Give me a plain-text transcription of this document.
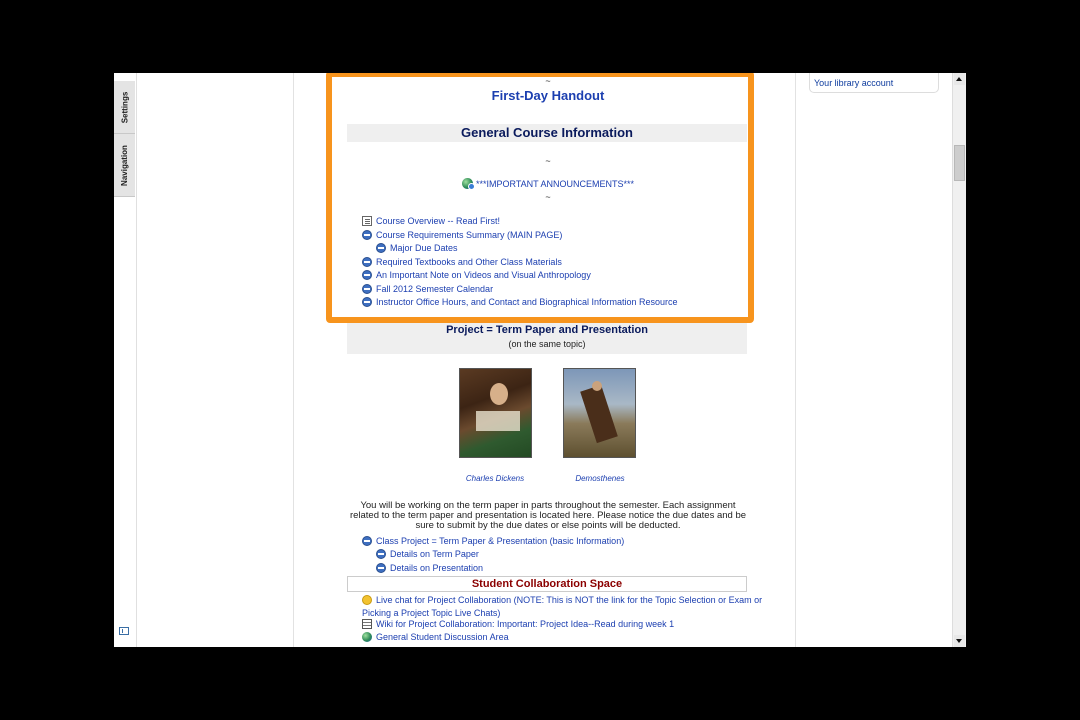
Settings
Navigation
Your library account
~
First-Day Handout
General Course Information
~
***IMPORTANT ANNOUNCEMENTS***
~
Course Overview -- Read First!
Course Requirements Summary (MAIN PAGE)
Major Due Dates
Required Textbooks and Other Class Materials
An Important Note on Videos and Visual Anthropology
Fall 2012 Semester Calendar
Instructor Office Hours, and Contact and Biographical Information Resource
Project = Term Paper and Presentation
(on the same topic)
Charles Dickens	Demosthenes
You will be working on the term paper in parts throughout the semester. Each assignment related to the term paper and presentation is located here. Please notice the due dates and be sure to submit by the due dates or else points will be deducted.
Class Project = Term Paper & Presentation (basic Information)
Details on Term Paper
Details on Presentation
Student Collaboration Space
Live chat for Project Collaboration (NOTE: This is NOT the link for the Topic Selection or Exam or
Picking a Project Topic Live Chats)
Wiki for Project Collaboration: Important: Project Idea--Read during week 1
General Student Discussion Area
